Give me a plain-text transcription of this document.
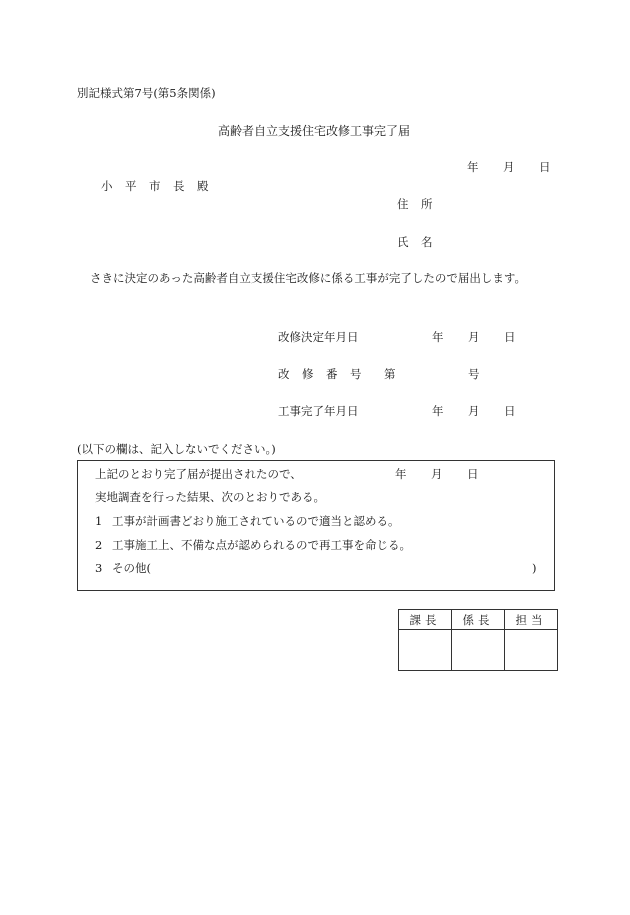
別記様式第7号(第5条関係)
高齢者自立支援住宅改修工事完了届
年 月 日
小 平 市 長 殿
住 所
氏 名
さきに決定のあった高齢者自立支援住宅改修に係る工事が完了したので届出します。
改修決定年月日	年 月 日
改 修 番 号 第	号
工事完了年月日	年 月 日
(以下の欄は、記入しないでください。)
上記のとおり完了届が提出されたので、	年 月 日
実地調査を行った結果、次のとおりである。
1 工事が計画書どおり施工されているので適当と認める。
2 工事施工上、不備な点が認められるので再工事を命じる。
3 その他(	)
課長	係長	担当
